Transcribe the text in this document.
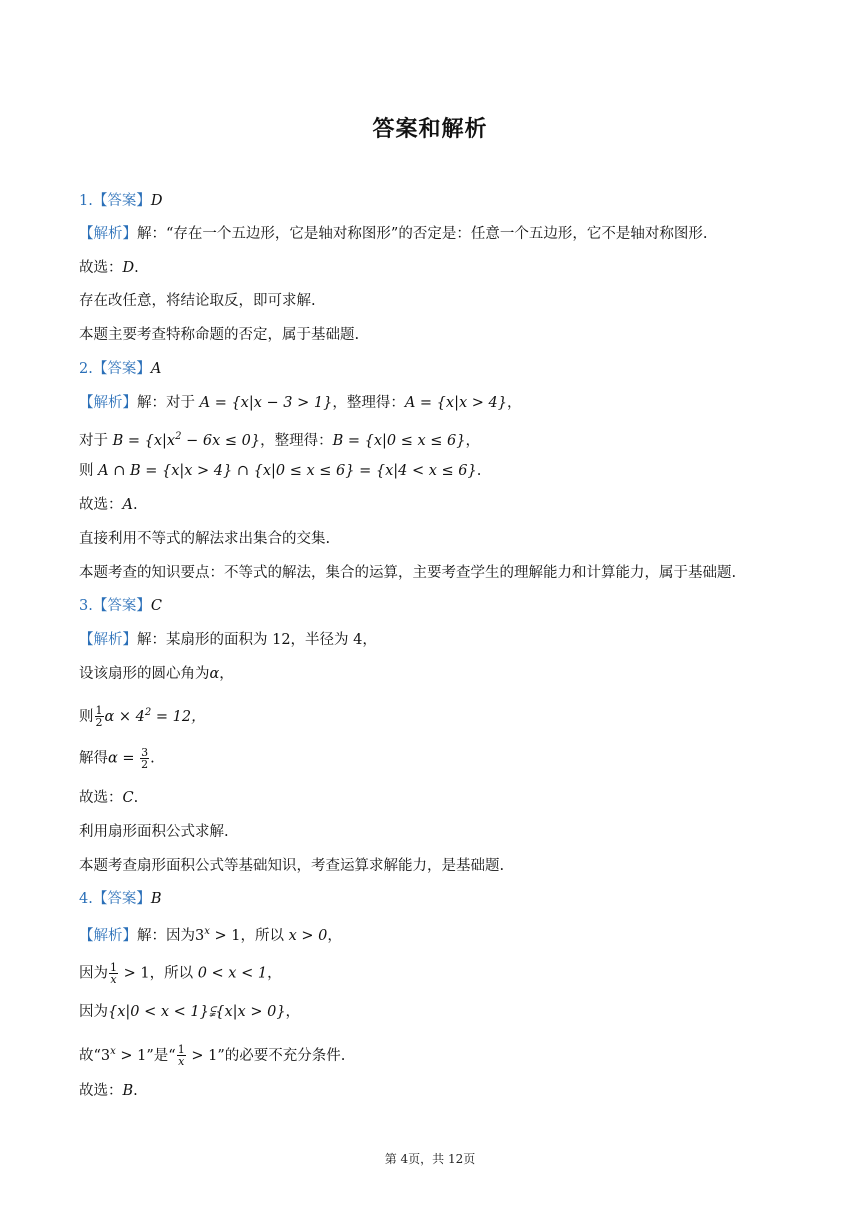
答案和解析
1.【答案】D
【解析】解：“存在一个五边形，它是轴对称图形”的否定是：任意一个五边形，它不是轴对称图形.
故选：D.
存在改任意，将结论取反，即可求解.
本题主要考查特称命题的否定，属于基础题.
2.【答案】A
【解析】解：对于 A = {x|x − 3 > 1}，整理得：A = {x|x > 4}，
对于 $B = \{x|x^2 - 6x \le 0\}$，整理得：B = {x|0 ≤ x ≤ 6}，
则 A ∩ B = {x|x > 4} ∩ {x|0 ≤ x ≤ 6} = {x|4 < x ≤ 6}.
故选：A.
直接利用不等式的解法求出集合的交集.
本题考查的知识要点：不等式的解法，集合的运算，主要考查学生的理解能力和计算能力，属于基础题.
3.【答案】C
【解析】解：某扇形的面积为 12，半径为 4，
设该扇形的圆心角为α，
则 $\frac{1}{2}$ $\alpha \times 4^2 = 12$，
解得$\alpha = \frac{3}{2}$ .
故选：C.
利用扇形面积公式求解.
本题考查扇形面积公式等基础知识，考查运算求解能力，是基础题.
4.【答案】B
【解析】解：因为$3^x > 1$，所以 x > 0，
因为 $\frac{1}{x} > 1$，所以 0 < x < 1，
因为{x|0 < x < 1}⫋{x|x > 0}，
故“$3^x > 1$”是“ $\frac{1}{x} > 1$”的必要不充分条件.
故选：B.
第 4页，共 12页
